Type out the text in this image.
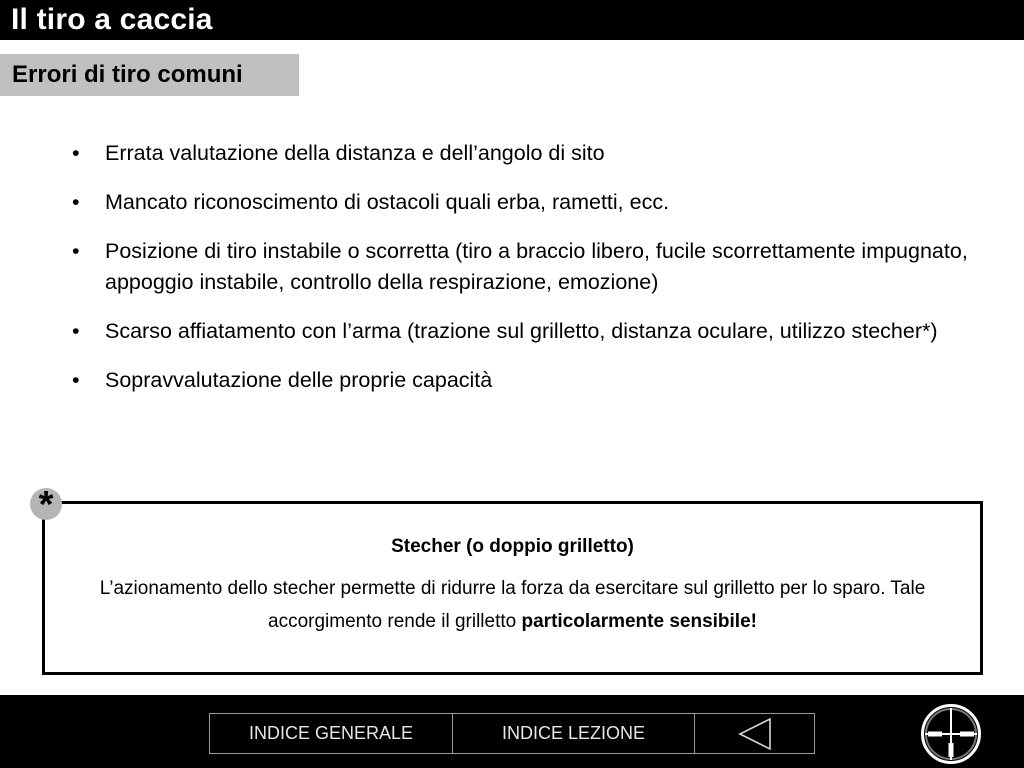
Il tiro a caccia
Errori di tiro comuni
•	Errata valutazione della distanza e dell’angolo di sito
•	Mancato riconoscimento di ostacoli quali erba, rametti, ecc.
•	Posizione di tiro instabile o scorretta (tiro a braccio libero, fucile scorrettamente impugnato, appoggio instabile, controllo della respirazione, emozione)
•	Scarso affiatamento con l’arma (trazione sul grilletto, distanza oculare, utilizzo stecher*)
•	Sopravvalutazione delle proprie capacità
Stecher (o doppio grilletto)
L’azionamento dello stecher permette di ridurre la forza da esercitare sul grilletto per lo sparo. Tale accorgimento rende il grilletto particolarmente sensibile!
*
INDICE GENERALE	INDICE LEZIONE
